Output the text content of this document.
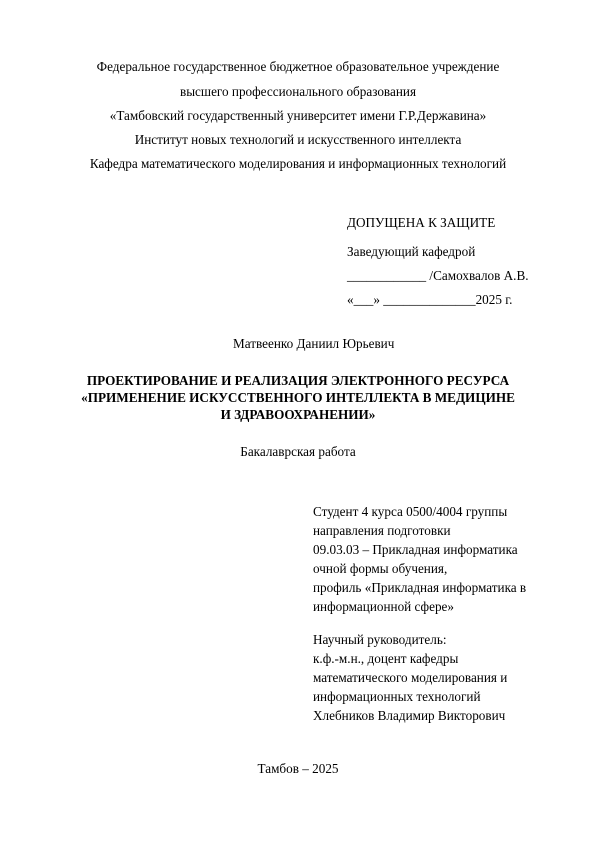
Федеральное государственное бюджетное образовательное учреждение
высшего профессионального образования
«Тамбовский государственный университет имени Г.Р.Державина»
Институт новых технологий и искусственного интеллекта
Кафедра математического моделирования и информационных технологий
ДОПУЩЕНА К ЗАЩИТЕ
Заведующий кафедрой
____________ /Самохвалов А.В.
«___» ______________2025 г.
Матвеенко Даниил Юрьевич
ПРОЕКТИРОВАНИЕ И РЕАЛИЗАЦИЯ ЭЛЕКТРОННОГО РЕСУРСА
«ПРИМЕНЕНИЕ ИСКУССТВЕННОГО ИНТЕЛЛЕКТА В МЕДИЦИНЕ
И ЗДРАВООХРАНЕНИИ»
Бакалаврская работа
Студент 4 курса 0500/4004 группы
направления подготовки
09.03.03 – Прикладная информатика
очной формы обучения,
профиль «Прикладная информатика в
информационной сфере»
Научный руководитель:
к.ф.-м.н., доцент кафедры
математического моделирования и
информационных технологий
Хлебников Владимир Викторович
Тамбов – 2025
